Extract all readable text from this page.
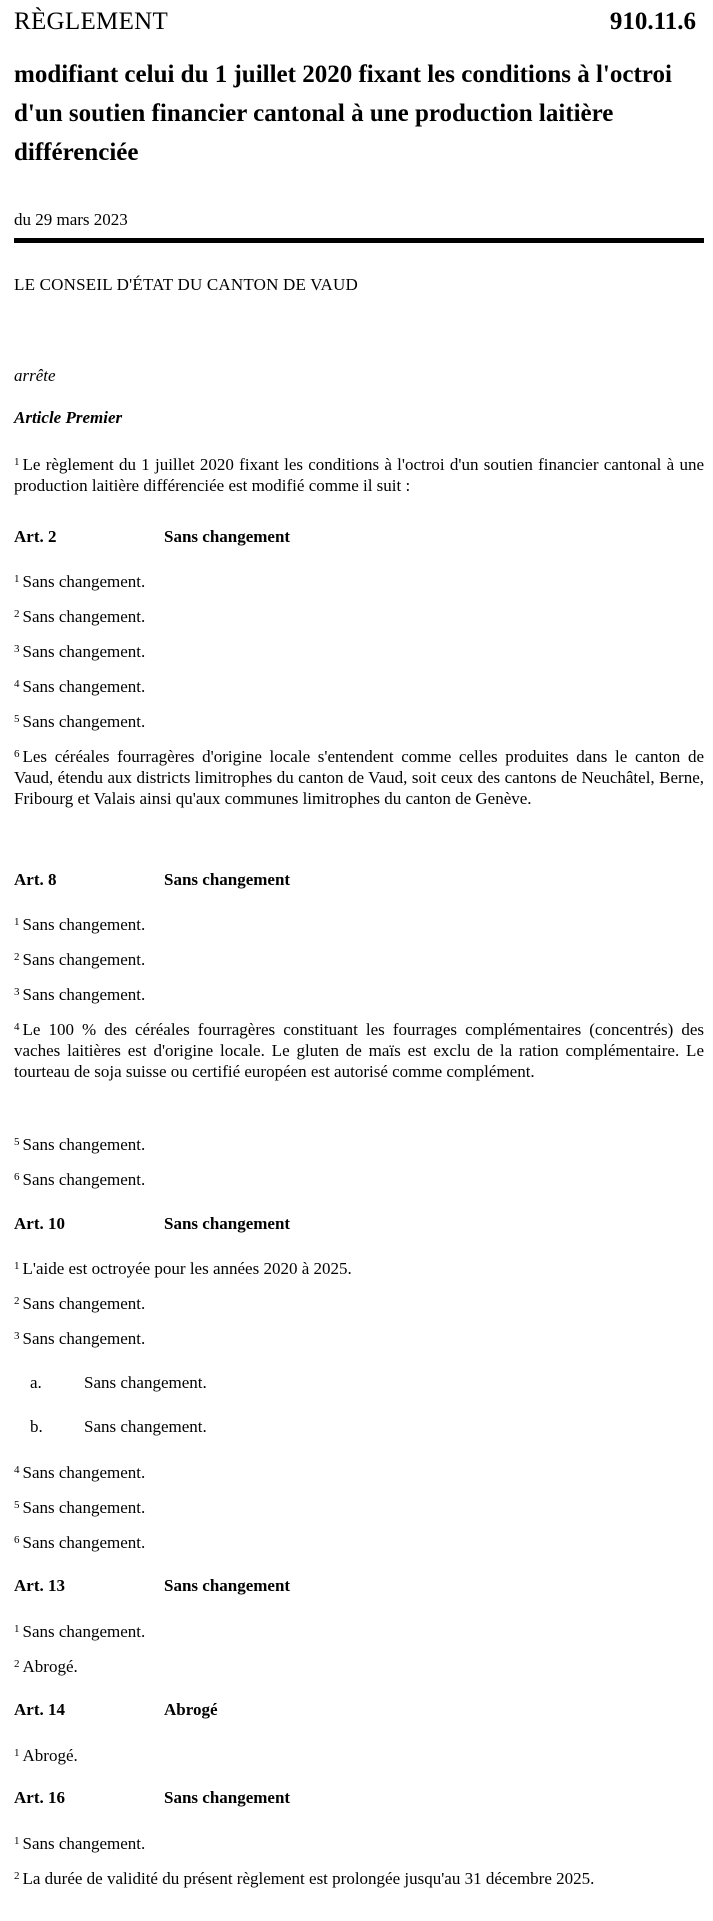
RÈGLEMENT	910.11.6
modifiant celui du 1 juillet 2020 fixant les conditions à l'octroi d'un soutien financier cantonal à une production laitière différenciée
du 29 mars 2023
LE CONSEIL D'ÉTAT DU CANTON DE VAUD
arrête
Article Premier
$^1$ Le règlement du 1 juillet 2020 fixant les conditions à l'octroi d'un soutien financier cantonal à une production laitière différenciée est modifié comme il suit :
Art. 2	Sans changement
$^1$ Sans changement.
$^2$ Sans changement.
$^3$ Sans changement.
$^4$ Sans changement.
$^5$ Sans changement.
$^6$ Les céréales fourragères d'origine locale s'entendent comme celles produites dans le canton de Vaud, étendu aux districts limitrophes du canton de Vaud, soit ceux des cantons de Neuchâtel, Berne, Fribourg et Valais ainsi qu'aux communes limitrophes du canton de Genève.
Art. 8	Sans changement
$^1$ Sans changement.
$^2$ Sans changement.
$^3$ Sans changement.
$^4$ Le 100 % des céréales fourragères constituant les fourrages complémentaires (concentrés) des vaches laitières est d'origine locale. Le gluten de maïs est exclu de la ration complémentaire. Le tourteau de soja suisse ou certifié européen est autorisé comme complément.
$^5$ Sans changement.
$^6$ Sans changement.
Art. 10	Sans changement
$^1$ L'aide est octroyée pour les années 2020 à 2025.
$^2$ Sans changement.
$^3$ Sans changement.
a. Sans changement.
b. Sans changement.
$^4$ Sans changement.
$^5$ Sans changement.
$^6$ Sans changement.
Art. 13	Sans changement
$^1$ Sans changement.
$^2$ Abrogé.
Art. 14	Abrogé
$^1$ Abrogé.
Art. 16	Sans changement
$^1$ Sans changement.
$^2$ La durée de validité du présent règlement est prolongée jusqu'au 31 décembre 2025.
